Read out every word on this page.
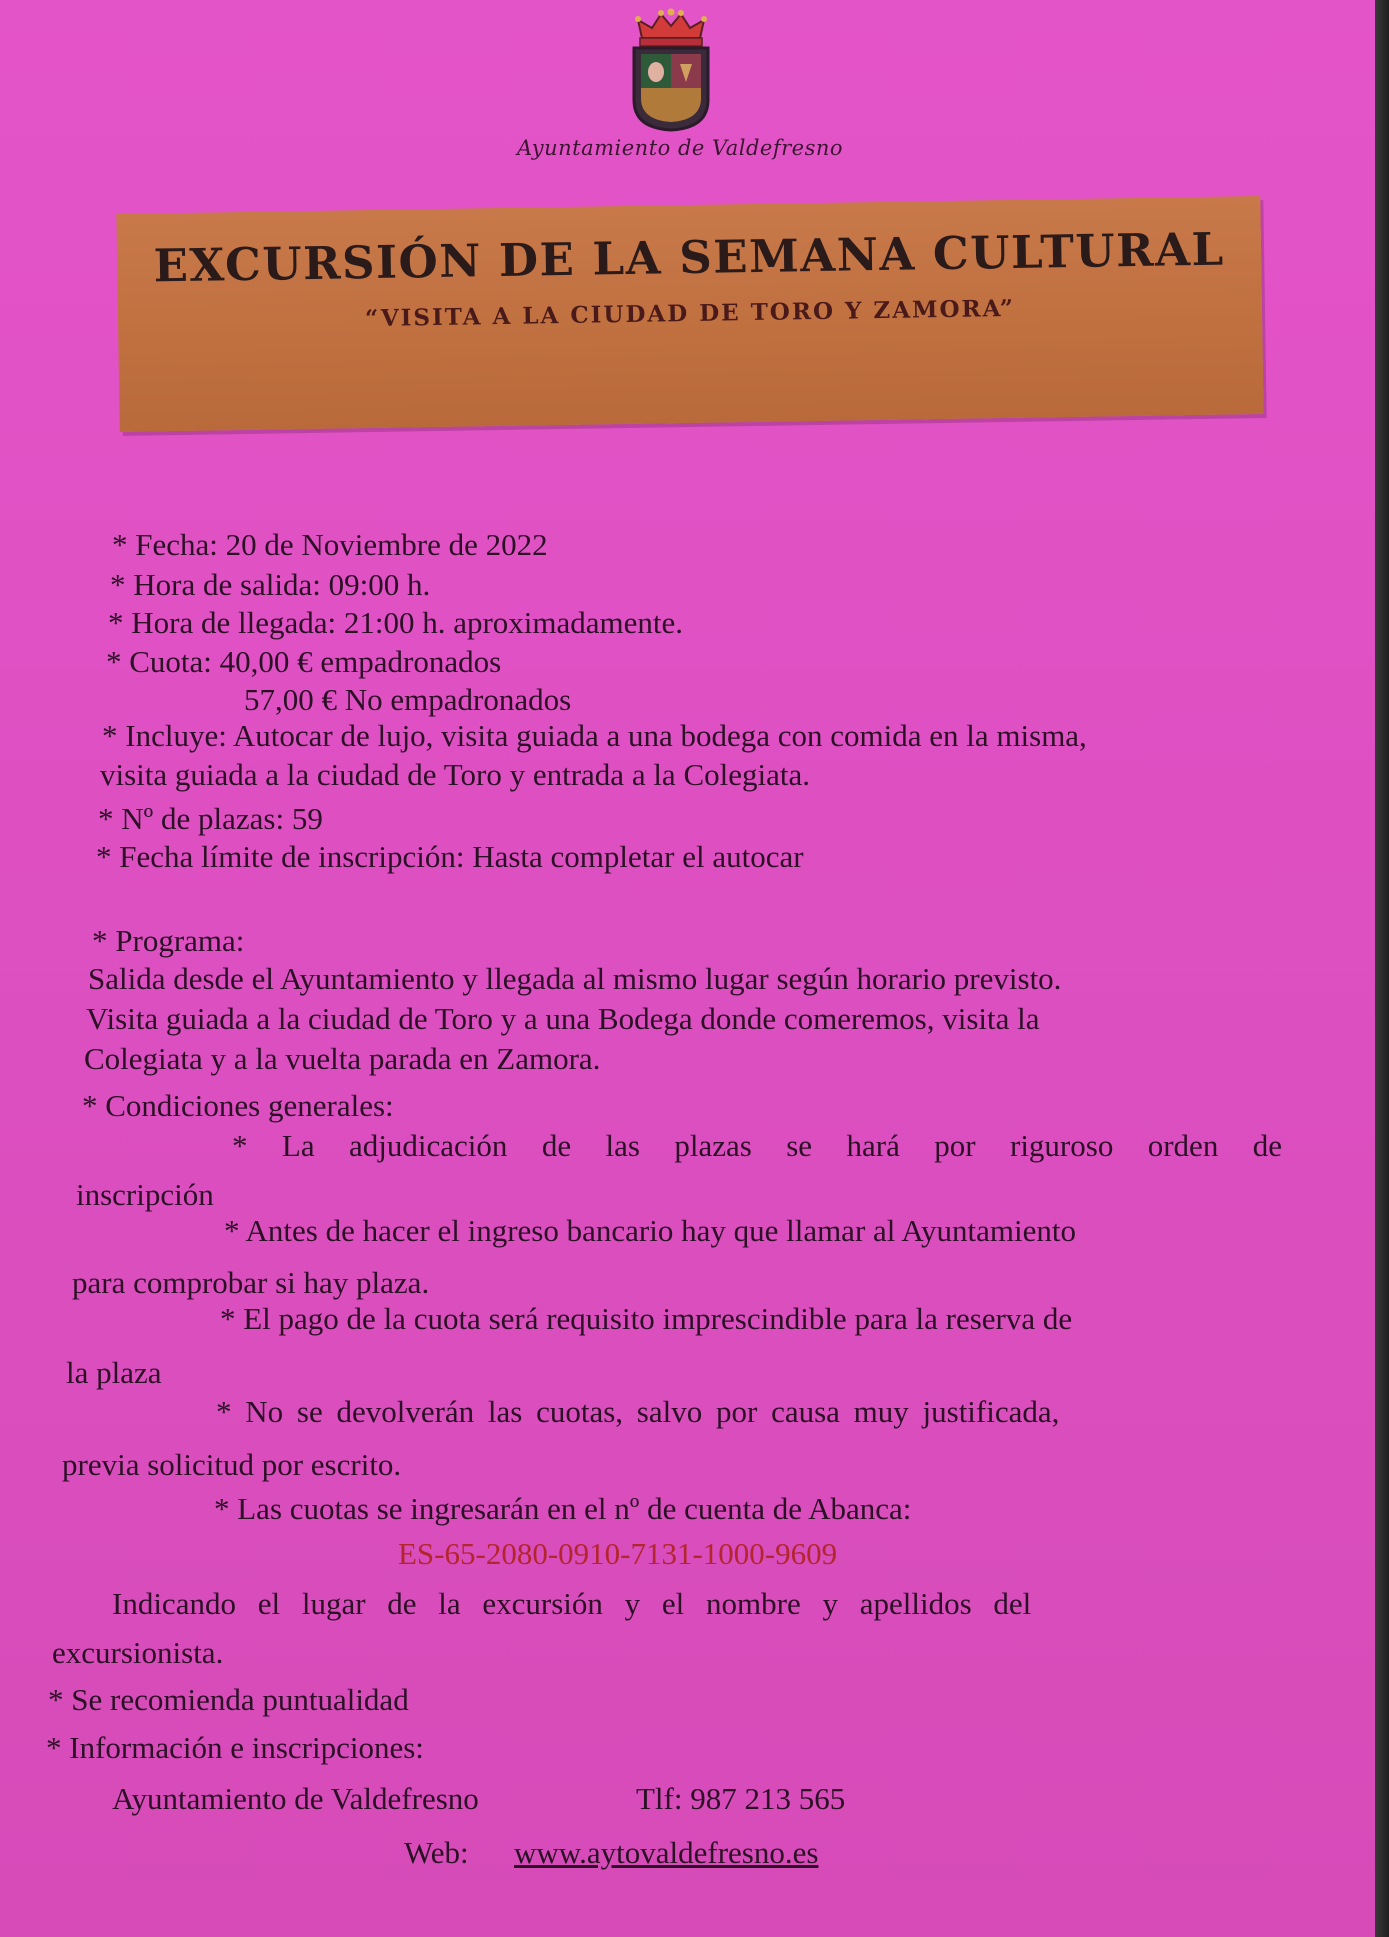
Ayuntamiento de Valdefresno
EXCURSIÓN DE LA SEMANA CULTURAL
“VISITA A LA CIUDAD DE TORO Y ZAMORA”
* Fecha: 20 de Noviembre de 2022
* Hora de salida: 09:00 h.
* Hora de llegada: 21:00 h. aproximadamente.
* Cuota: 40,00 € empadronados
57,00 € No empadronados
* Incluye: Autocar de lujo, visita guiada a una bodega con comida en la misma,
visita guiada a la ciudad de Toro y entrada a la Colegiata.
* Nº de plazas: 59
* Fecha límite de inscripción: Hasta completar el autocar
* Programa:
Salida desde el Ayuntamiento y llegada al mismo lugar según horario previsto.
Visita guiada a la ciudad de Toro y a una Bodega donde comeremos, visita la
Colegiata y a la vuelta parada en Zamora.
* Condiciones generales:
* La adjudicación de las plazas se hará por riguroso orden de
inscripción
* Antes de hacer el ingreso bancario hay que llamar al Ayuntamiento
para comprobar si hay plaza.
* El pago de la cuota será requisito imprescindible para la reserva de
la plaza
* No se devolverán las cuotas, salvo por causa muy justificada,
previa solicitud por escrito.
* Las cuotas se ingresarán en el nº de cuenta de Abanca:
ES-65-2080-0910-7131-1000-9609
Indicando el lugar de la excursión y el nombre y apellidos del
excursionista.
* Se recomienda puntualidad
* Información e inscripciones:
Ayuntamiento de Valdefresno	Tlf: 987 213 565
Web: www.aytovaldefresno.es
